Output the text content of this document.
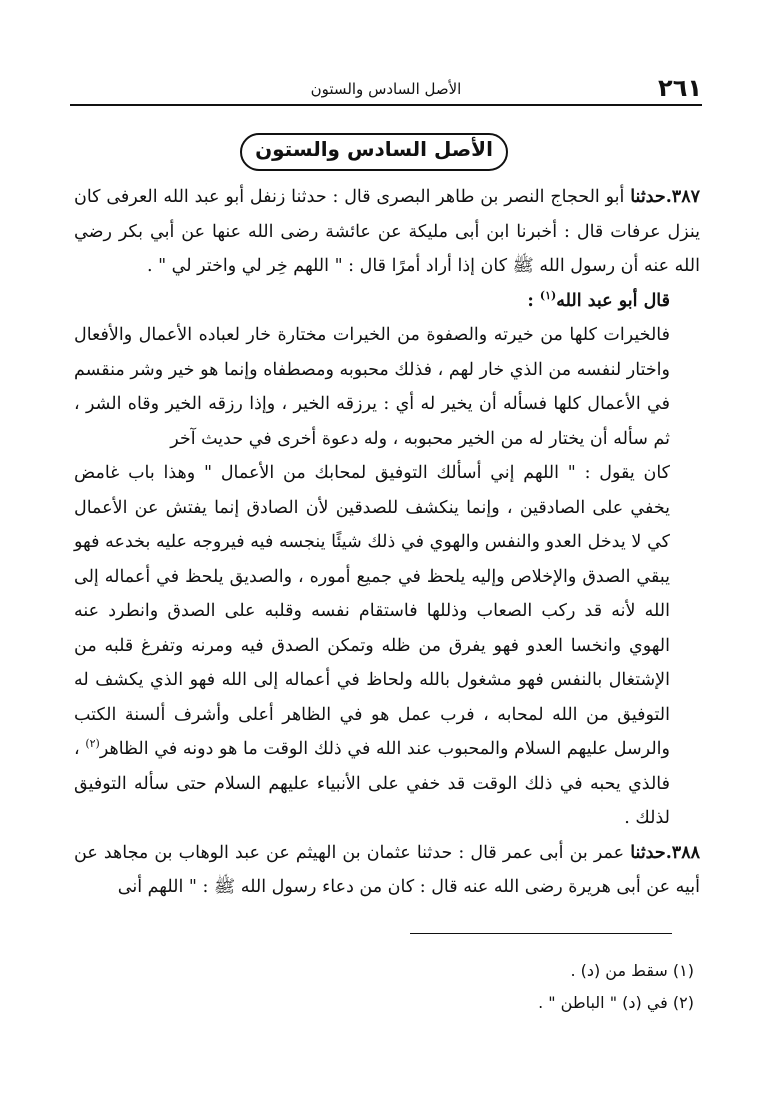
٢٦١
الأصل السادس والستون
الأصل السادس والستون

٣٨٧.حدثنا أبو الحجاج النصر بن طاهر البصرى قال : حدثنا زنفل أبو عبد الله العرفى كان ينزل عرفات قال : أخبرنا ابن أبى مليكة عن عائشة رضى الله عنها عن أبي بكر رضي الله عنه أن رسول الله ﷺ كان إذا أراد أمرًا قال : " اللهم خِر لي واختر لي " .

قال أبو عبد الله$^{(١)}$ :

فالخيرات كلها من خيرته والصفوة من الخيرات مختارة خار لعباده الأعمال والأفعال واختار لنفسه من الذي خار لهم ، فذلك محبوبه ومصطفاه وإنما هو خير وشر منقسم في الأعمال كلها فسأله أن يخير له أي : يرزقه الخير ، وإذا رزقه الخير وقاه الشر ، ثم سأله أن يختار له من الخير محبوبه ، وله دعوة أخرى في حديث آخر

كان يقول : " اللهم إني أسألك التوفيق لمحابك من الأعمال " وهذا باب غامض يخفي على الصادقين ، وإنما ينكشف للصدقين لأن الصادق إنما يفتش عن الأعمال كي لا يدخل العدو والنفس والهوي في ذلك شيئًا ينجسه فيه فيروجه عليه بخدعه فهو يبقي الصدق والإخلاص وإليه يلحظ في جميع أموره ، والصديق يلحظ في أعماله إلى الله لأنه قد ركب الصعاب وذللها فاستقام نفسه وقلبه على الصدق وانطرد عنه الهوي وانخسا العدو فهو يفرق من ظله وتمكن الصدق فيه ومرنه وتفرغ قلبه من الإشتغال بالنفس فهو مشغول بالله ولحاظ في أعماله إلى الله فهو الذي يكشف له التوفيق من الله لمحابه ، فرب عمل هو في الظاهر أعلى وأشرف ألسنة الكتب والرسل عليهم السلام والمحبوب عند الله في ذلك الوقت ما هو دونه في الظاهر$^{(٢)}$ ، فالذي يحبه في ذلك الوقت قد خفي على الأنبياء عليهم السلام حتى سأله التوفيق لذلك .

٣٨٨.حدثنا عمر بن أبى عمر قال : حدثنا عثمان بن الهيثم عن عبد الوهاب بن مجاهد عن أبيه عن أبى هريرة رضى الله عنه قال : كان من دعاء رسول الله ﷺ : " اللهم أنى

(١) سقط من (د) .
(٢) في (د) " الباطن " .
